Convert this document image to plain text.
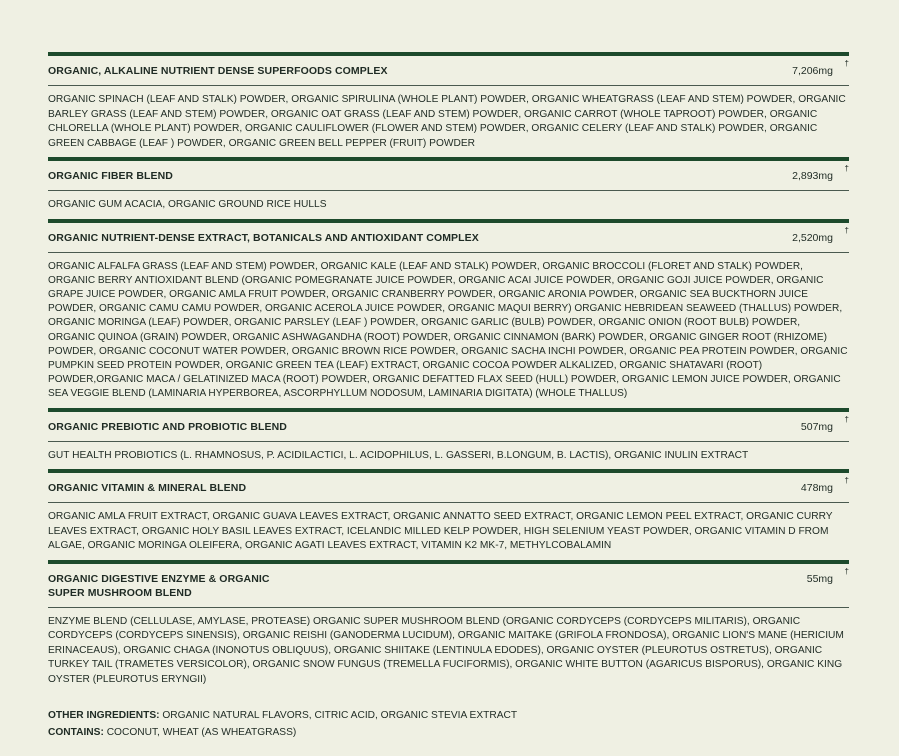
ORGANIC, ALKALINE NUTRIENT DENSE SUPERFOODS COMPLEX	7,206mg
†
ORGANIC SPINACH (LEAF AND STALK) POWDER, ORGANIC SPIRULINA (WHOLE PLANT) POWDER, ORGANIC WHEATGRASS (LEAF AND STEM) POWDER, ORGANIC BARLEY GRASS (LEAF AND STEM) POWDER, ORGANIC OAT GRASS (LEAF AND STEM) POWDER, ORGANIC CARROT (WHOLE TAPROOT) POWDER, ORGANIC CHLORELLA (WHOLE PLANT) POWDER, ORGANIC CAULIFLOWER (FLOWER AND STEM) POWDER, ORGANIC CELERY (LEAF AND STALK) POWDER, ORGANIC GREEN CABBAGE (LEAF ) POWDER, ORGANIC GREEN BELL PEPPER (FRUIT) POWDER
ORGANIC FIBER BLEND	2,893mg
†
ORGANIC GUM ACACIA, ORGANIC GROUND RICE HULLS
ORGANIC NUTRIENT-DENSE EXTRACT, BOTANICALS AND ANTIOXIDANT COMPLEX	2,520mg
†
ORGANIC ALFALFA GRASS (LEAF AND STEM) POWDER, ORGANIC KALE (LEAF AND STALK) POWDER, ORGANIC BROCCOLI (FLORET AND STALK) POWDER, ORGANIC BERRY ANTIOXIDANT BLEND (ORGANIC POMEGRANATE JUICE POWDER, ORGANIC ACAI JUICE POWDER, ORGANIC GOJI JUICE POWDER, ORGANIC GRAPE JUICE POWDER, ORGANIC AMLA FRUIT POWDER, ORGANIC CRANBERRY POWDER, ORGANIC ARONIA POWDER, ORGANIC SEA BUCKTHORN JUICE POWDER, ORGANIC CAMU CAMU POWDER, ORGANIC ACEROLA JUICE POWDER, ORGANIC MAQUI BERRY) ORGANIC HEBRIDEAN SEAWEED (THALLUS) POWDER, ORGANIC MORINGA (LEAF) POWDER, ORGANIC PARSLEY (LEAF ) POWDER, ORGANIC GARLIC (BULB) POWDER, ORGANIC ONION (ROOT BULB) POWDER, ORGANIC QUINOA (GRAIN) POWDER, ORGANIC ASHWAGANDHA (ROOT) POWDER, ORGANIC CINNAMON (BARK) POWDER, ORGANIC GINGER ROOT (RHIZOME) POWDER, ORGANIC COCONUT WATER POWDER, ORGANIC BROWN RICE POWDER, ORGANIC SACHA INCHI POWDER, ORGANIC PEA PROTEIN POWDER, ORGANIC PUMPKIN SEED PROTEIN POWDER, ORGANIC GREEN TEA (LEAF) EXTRACT, ORGANIC COCOA POWDER ALKALIZED, ORGANIC SHATAVARI (ROOT) POWDER,ORGANIC MACA / GELATINIZED MACA (ROOT) POWDER, ORGANIC DEFATTED FLAX SEED (HULL) POWDER, ORGANIC LEMON JUICE POWDER, ORGANIC SEA VEGGIE BLEND (LAMINARIA HYPERBOREA, ASCORPHYLLUM NODOSUM, LAMINARIA DIGITATA) (WHOLE THALLUS)
ORGANIC PREBIOTIC AND PROBIOTIC BLEND	507mg
†
GUT HEALTH PROBIOTICS (L. RHAMNOSUS, P. ACIDILACTICI, L. ACIDOPHILUS, L. GASSERI, B.LONGUM, B. LACTIS), ORGANIC INULIN EXTRACT
ORGANIC VITAMIN & MINERAL BLEND	478mg
†
ORGANIC AMLA FRUIT EXTRACT, ORGANIC GUAVA LEAVES EXTRACT, ORGANIC ANNATTO SEED EXTRACT, ORGANIC LEMON PEEL EXTRACT, ORGANIC CURRY LEAVES EXTRACT, ORGANIC HOLY BASIL LEAVES EXTRACT, ICELANDIC MILLED KELP POWDER, HIGH SELENIUM YEAST POWDER, ORGANIC VITAMIN D FROM ALGAE, ORGANIC MORINGA OLEIFERA, ORGANIC AGATI LEAVES EXTRACT, VITAMIN K2 MK-7, METHYLCOBALAMIN
ORGANIC DIGESTIVE ENZYME & ORGANIC SUPER MUSHROOM BLEND
55mg
†
ENZYME BLEND (CELLULASE, AMYLASE, PROTEASE) ORGANIC SUPER MUSHROOM BLEND (ORGANIC CORDYCEPS (CORDYCEPS MILITARIS), ORGANIC CORDYCEPS (CORDYCEPS SINENSIS), ORGANIC REISHI (GANODERMA LUCIDUM), ORGANIC MAITAKE (GRIFOLA FRONDOSA), ORGANIC LION'S MANE (HERICIUM ERINACEAUS), ORGANIC CHAGA (INONOTUS OBLIQUUS), ORGANIC SHIITAKE (LENTINULA EDODES), ORGANIC OYSTER (PLEUROTUS OSTRETUS), ORGANIC TURKEY TAIL (TRAMETES VERSICOLOR), ORGANIC SNOW FUNGUS (TREMELLA FUCIFORMIS), ORGANIC WHITE BUTTON (AGARICUS BISPORUS), ORGANIC KING OYSTER (PLEUROTUS ERYNGII)
OTHER INGREDIENTS: ORGANIC NATURAL FLAVORS, CITRIC ACID, ORGANIC STEVIA EXTRACT
CONTAINS: COCONUT, WHEAT (AS WHEATGRASS)
